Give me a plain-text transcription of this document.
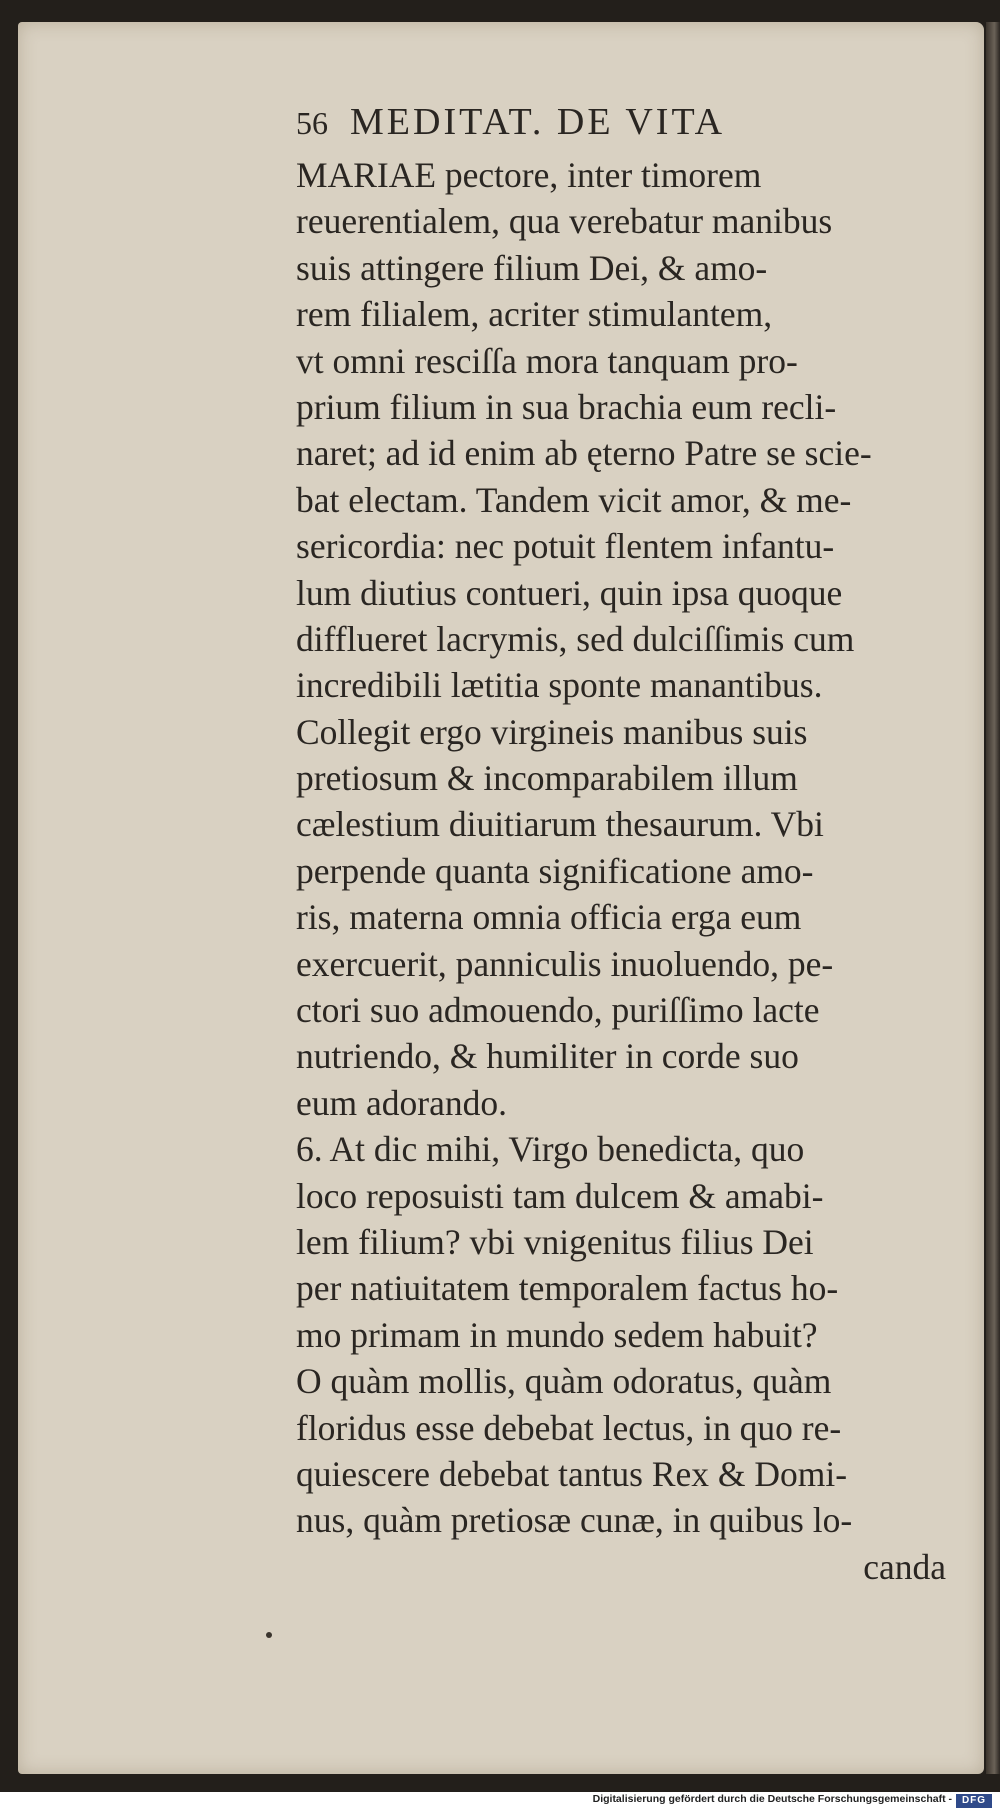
56 MEDITAT. DE VITA
MARIAE pectore, inter timorem
reuerentialem, qua verebatur manibus
suis attingere filium Dei, & amo-
rem filialem, acriter stimulantem,
vt omni resciſſa mora tanquam pro-
prium filium in sua brachia eum recli-
naret; ad id enim ab ęterno Patre se scie-
bat electam. Tandem vicit amor, & me-
sericordia: nec potuit flentem infantu-
lum diutius contueri, quin ipsa quoque
difflueret lacrymis, sed dulciſſimis cum
incredibili lætitia sponte manantibus.
Collegit ergo virgineis manibus suis
pretiosum & incomparabilem illum
cælestium diuitiarum thesaurum. Vbi
perpende quanta significatione amo-
ris, materna omnia officia erga eum
exercuerit, panniculis inuoluendo, pe-
ctori suo admouendo, puriſſimo lacte
nutriendo, & humiliter in corde suo
eum adorando.
6. At dic mihi, Virgo benedicta, quo
loco reposuisti tam dulcem & amabi-
lem filium? vbi vnigenitus filius Dei
per natiuitatem temporalem factus ho-
mo primam in mundo sedem habuit?
O quàm mollis, quàm odoratus, quàm
floridus esse debebat lectus, in quo re-
quiescere debebat tantus Rex & Domi-
nus, quàm pretiosæ cunæ, in quibus lo-
canda
Digitalisierung gefördert durch die Deutsche Forschungsgemeinschaft - DFG
